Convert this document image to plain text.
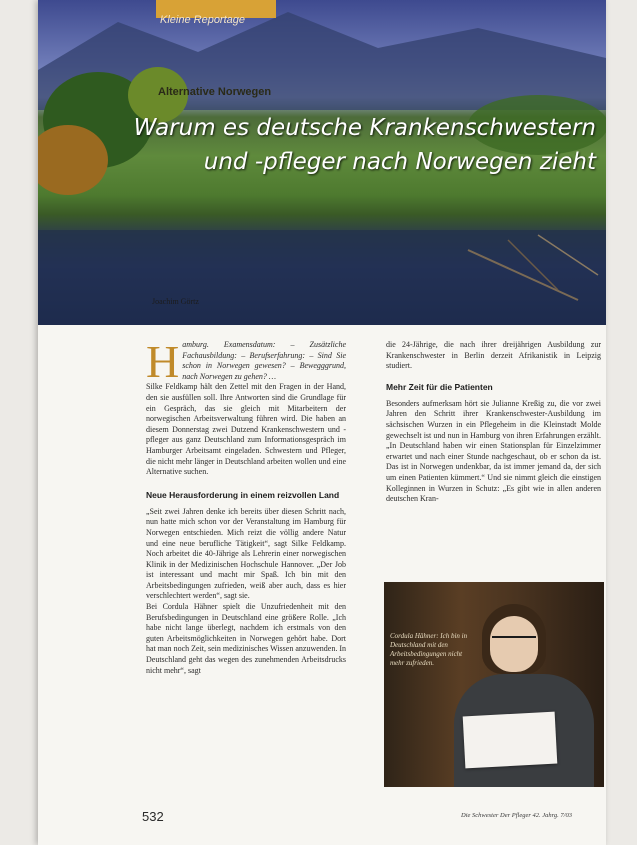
Kleine Reportage
Alternative Norwegen
Warum es deutsche Krankenschwestern
und -pfleger nach Norwegen zieht
Joachim Görtz
H amburg. Examensdatum: – Zusätzliche Fachausbildung: – Berufserfahrung: – Sind Sie schon in Norwegen gewesen? – Bewegggrund, nach Norwegen zu gehen? …

Silke Feldkamp hält den Zettel mit den Fragen in der Hand, den sie ausfüllen soll. Ihre Antworten sind die Grundlage für ein Gespräch, das sie gleich mit Mitarbeitern der norwegischen Arbeitsverwaltung führen wird. Die haben an diesem Donnerstag zwei Dutzend Krankenschwestern und -pfleger aus ganz Deutschland zum Informationsgespräch im Hamburger Arbeitsamt eingeladen. Schwestern und Pfleger, die nicht mehr länger in Deutschland arbeiten wollen und eine Alternative suchen.

Neue Herausforderung in einem reizvollen Land

„Seit zwei Jahren denke ich bereits über diesen Schritt nach, nun hatte mich schon vor der Veranstaltung im Hamburg für Norwegen entschieden. Mich reizt die völlig andere Natur und eine neue berufliche Tätigkeit“, sagt Silke Feldkamp. Noch arbeitet die 40-Jährige als Lehrerin einer norwegischen Klinik in der Medizinischen Hochschule Hannover. „Der Job ist interessant und macht mir Spaß. Ich bin mit den Arbeitsbedingungen zufrieden, weiß aber auch, dass es hier verschlechtert werden“, sagt sie.

Bei Cordula Hähner spielt die Unzufriedenheit mit den Berufsbedingungen in Deutschland eine größere Rolle. „Ich habe nicht lange überlegt, nachdem ich erstmals von den guten Arbeitsmöglichkeiten in Norwegen gehört habe. Dort hat man noch Zeit, sein medizinisches Wissen anzuwenden. In Deutschland geht das wegen des zunehmenden Arbeitsdrucks nicht mehr“, sagt

die 24-Jährige, die nach ihrer dreijährigen Ausbildung zur Krankenschwester in Berlin derzeit Afrikanistik in Leipzig studiert.

Mehr Zeit für die Patienten

Besonders aufmerksam hört sie Julianne Kreßig zu, die vor zwei Jahren den Schritt ihrer Krankenschwester-Ausbildung im sächsischen Wurzen in ein Pflegeheim in die Kleinstadt Molde gewechselt ist und nun in Hamburg von ihren Erfahrungen erzählt. „In Deutschland haben wir einen Stationsplan für Einzelzimmer erwartet und nach einer Stunde nachgeschaut, ob er schon da ist. Das ist in Norwegen undenkbar, da ist immer jemand da, der sich um einen Patienten kümmert.“ Und sie nimmt gleich die einstigen Kolleginnen in Wurzen in Schutz: „Es gibt wie in allen anderen deutschen Kran-

Cordula Hähner: Ich bin in Deutschland mit den Arbeitsbedingungen nicht mehr zufrieden.
532	Die Schwester Der Pfleger 42. Jahrg. 7/03
